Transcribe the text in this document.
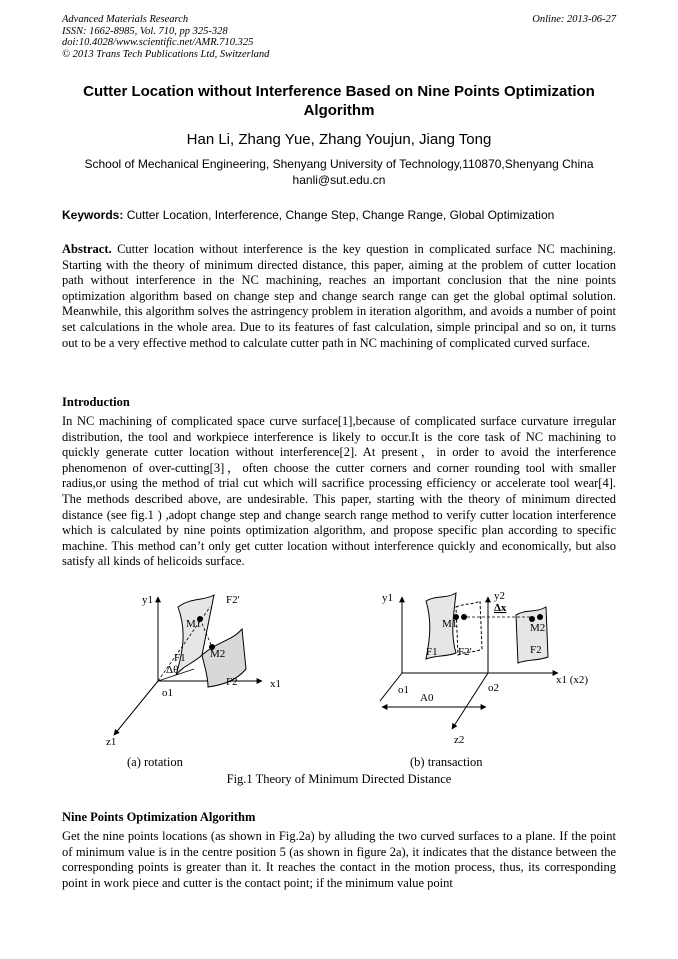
Advanced Materials Research
ISSN: 1662-8985, Vol. 710, pp 325-328
doi:10.4028/www.scientific.net/AMR.710.325
© 2013 Trans Tech Publications Ltd, Switzerland
Online: 2013-06-27
Cutter Location without Interference Based on Nine Points Optimization
Algorithm
Han Li, Zhang Yue, Zhang Youjun, Jiang Tong
School of Mechanical Engineering, Shenyang University of Technology,110870,Shenyang China
hanli@sut.edu.cn
Keywords: Cutter Location, Interference, Change Step, Change Range, Global Optimization
Abstract. Cutter location without interference is the key question in complicated surface NC machining. Starting with the theory of minimum directed distance, this paper, aiming at the problem of cutter location path without interference in the NC machining, reaches an important conclusion that the nine points optimization algorithm based on change step and change search range can get the global optimal solution. Meanwhile, this algorithm solves the astringency problem in iteration algorithm, and avoids a number of point set calculations in the whole area. Due to its features of fast calculation, simple principal and so on, it turns out to be a very effective method to calculate cutter path in NC machining of complicated curved surface.
Introduction
In NC machining of complicated space curve surface[1],because of complicated surface curvature irregular distribution, the tool and workpiece interference is likely to occur.It is the core task of NC machining to quickly generate cutter location without interference[2]. At present，in order to avoid the interference phenomenon of over-cutting[3]，often choose the cutter corners and corner rounding tool with smaller radius,or using the method of trial cut which will sacrifice processing efficiency or accelerate tool wear[4]. The methods described above, are undesirable. This paper, starting with the theory of minimum directed distance (see fig.1 ) ,adopt change step and change search range method to verify cutter location interference which is calculated by nine points optimization algorithm, and propose specific plan according to specific machine. This method can’t only get cutter location without interference quickly and economically, but also satisfy all kinds of helicoids surface.
y1
x1
z1
o1
F2'
M1
M2
F1
Δθ
F2
y1	y2
Δx
M1	M2
F1 F2'	F2
x1 (x2)
o1	o2
A0
z2
(a) rotation	(b) transaction
Fig.1 Theory of Minimum Directed Distance
Nine Points Optimization Algorithm
Get the nine points locations (as shown in Fig.2a) by alluding the two curved surfaces to a plane. If the point of minimum value is in the centre position 5 (as shown in figure 2a), it indicates that the distance between the corresponding points is greater than it. It reaches the contact in the motion process, thus, its corresponding point in work piece and cutter is the contact point; if the minimum value point
